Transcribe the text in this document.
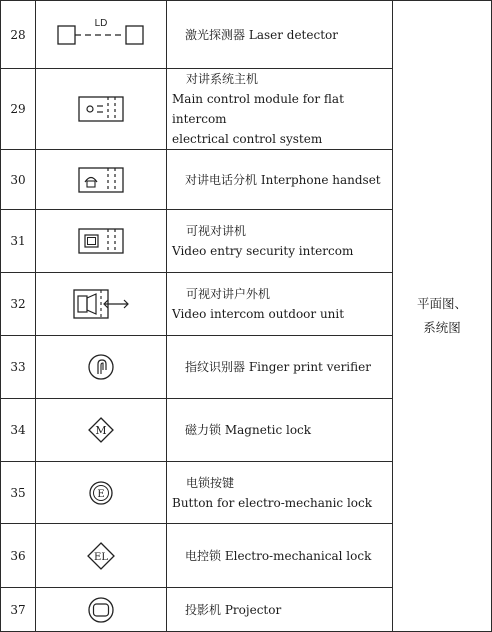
28	LD	激光探测器 Laser detector	平面图、
系统图

29		对讲系统主机
Main control module for flat intercom
electrical control system	

30		对讲电话分机 Interphone handset	
31		可视对讲机
Video entry security intercom	

32		可视对讲户外机
Video intercom outdoor unit	

33		指纹识别器 Finger print verifier	
34	M	磁力锁 Magnetic lock	
35	E	电锁按键
Button for electro-mechanic lock	

36	EL	电控锁 Electro-mechanical lock	
37		投影机 Projector	
